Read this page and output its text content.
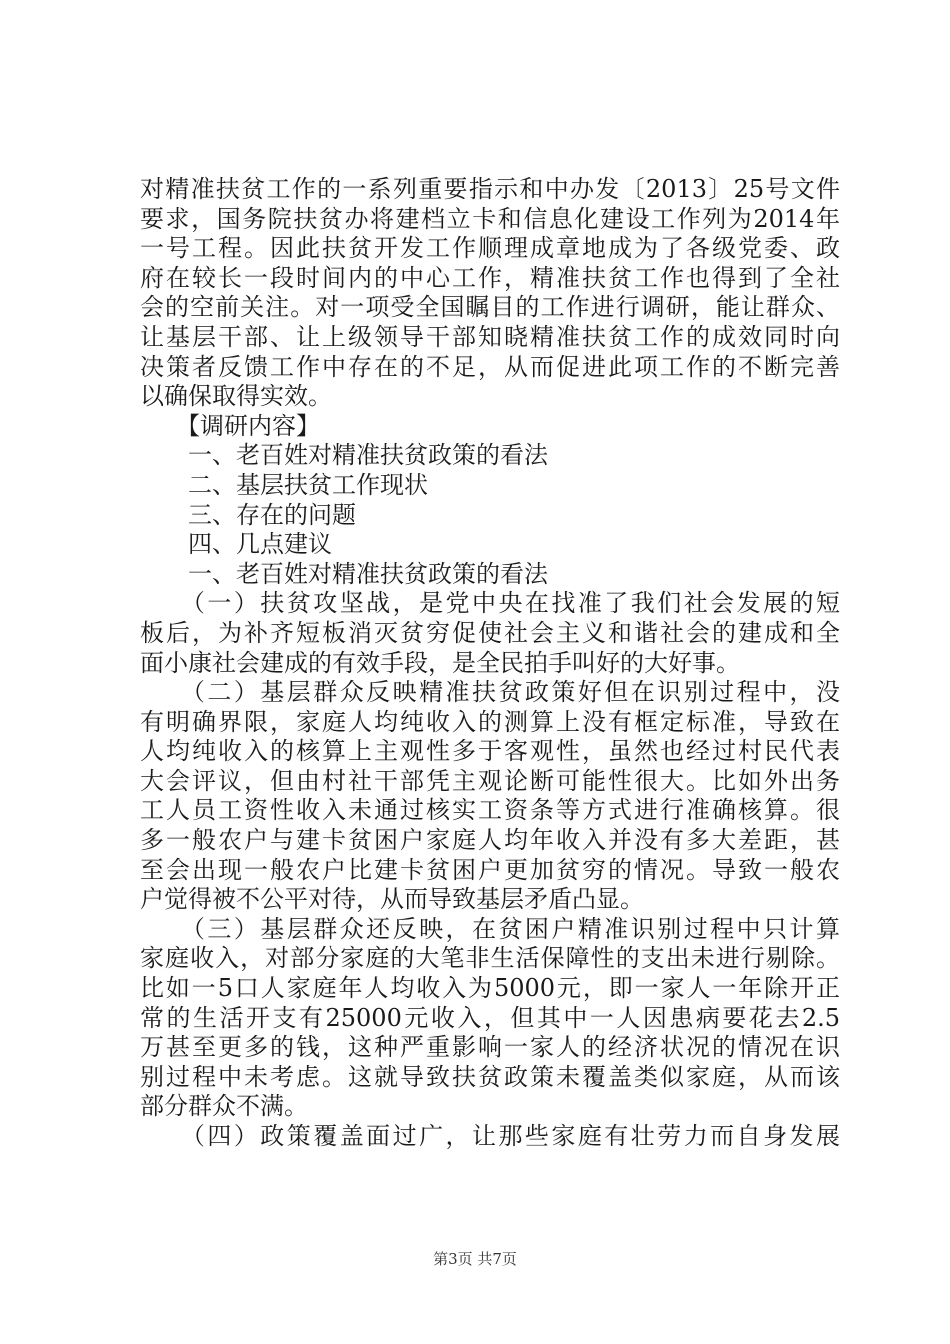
对精准扶贫工作的一系列重要指示和中办发〔2013〕25号文件
要求，国务院扶贫办将建档立卡和信息化建设工作列为2014年
一号工程。因此扶贫开发工作顺理成章地成为了各级党委、政
府在较长一段时间内的中心工作，精准扶贫工作也得到了全社
会的空前关注。对一项受全国瞩目的工作进行调研，能让群众、
让基层干部、让上级领导干部知晓精准扶贫工作的成效同时向
决策者反馈工作中存在的不足，从而促进此项工作的不断完善
以确保取得实效。
　　【调研内容】
　　一、老百姓对精准扶贫政策的看法
　　二、基层扶贫工作现状
　　三、存在的问题
　　四、几点建议
　　一、老百姓对精准扶贫政策的看法
　　（一）扶贫攻坚战，是党中央在找准了我们社会发展的短
板后，为补齐短板消灭贫穷促使社会主义和谐社会的建成和全
面小康社会建成的有效手段，是全民拍手叫好的大好事。
　　（二）基层群众反映精准扶贫政策好但在识别过程中，没
有明确界限，家庭人均纯收入的测算上没有框定标准，导致在
人均纯收入的核算上主观性多于客观性，虽然也经过村民代表
大会评议，但由村社干部凭主观论断可能性很大。比如外出务
工人员工资性收入未通过核实工资条等方式进行准确核算。很
多一般农户与建卡贫困户家庭人均年收入并没有多大差距，甚
至会出现一般农户比建卡贫困户更加贫穷的情况。导致一般农
户觉得被不公平对待，从而导致基层矛盾凸显。
　　（三）基层群众还反映，在贫困户精准识别过程中只计算
家庭收入，对部分家庭的大笔非生活保障性的支出未进行剔除。
比如一5口人家庭年人均收入为5000元，即一家人一年除开正
常的生活开支有25000元收入，但其中一人因患病要花去2.5
万甚至更多的钱，这种严重影响一家人的经济状况的情况在识
别过程中未考虑。这就导致扶贫政策未覆盖类似家庭，从而该
部分群众不满。
　　（四）政策覆盖面过广，让那些家庭有壮劳力而自身发展
第3页 共7页
